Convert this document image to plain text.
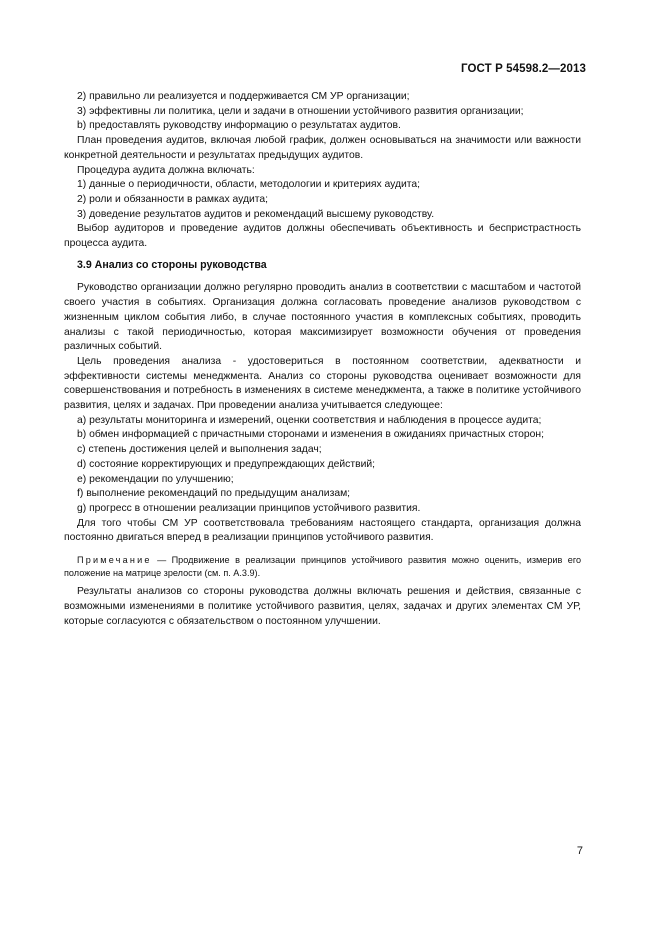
ГОСТ Р 54598.2—2013

2) правильно ли реализуется и поддерживается СМ УР организации;

3) эффективны ли политика, цели и задачи в отношении устойчивого развития организации;

b) предоставлять руководству информацию о результатах аудитов.

План проведения аудитов, включая любой график, должен основываться на значимости или важности конкретной деятельности и результатах предыдущих аудитов.

Процедура аудита должна включать:

1) данные о периодичности, области, методологии и критериях аудита;

2) роли и обязанности в рамках аудита;

3) доведение результатов аудитов и рекомендаций высшему руководству.

Выбор аудиторов и проведение аудитов должны обеспечивать объективность и беспристрастность процесса аудита.

3.9 Анализ со стороны руководства

Руководство организации должно регулярно проводить анализ в соответствии с масштабом и частотой своего участия в событиях. Организация должна согласовать проведение анализов руководством с жизненным циклом события либо, в случае постоянного участия в комплексных событиях, проводить анализы с такой периодичностью, которая максимизирует возможности обучения от проведения различных событий.

Цель проведения анализа - удостовериться в постоянном соответствии, адекватности и эффективности системы менеджмента. Анализ со стороны руководства оценивает возможности для совершенствования и потребность в изменениях в системе менеджмента, а также в политике устойчивого развития, целях и задачах. При проведении анализа учитывается следующее:

a) результаты мониторинга и измерений, оценки соответствия и наблюдения в процессе аудита;

b) обмен информацией с причастными сторонами и изменения в ожиданиях причастных сторон;

c) степень достижения целей и выполнения задач;

d) состояние корректирующих и предупреждающих действий;

e) рекомендации по улучшению;

f) выполнение рекомендаций по предыдущим анализам;

g) прогресс в отношении реализации принципов устойчивого развития.

Для того чтобы СМ УР соответствовала требованиям настоящего стандарта, организация должна постоянно двигаться вперед в реализации принципов устойчивого развития.

Примечание — Продвижение в реализации принципов устойчивого развития можно оценить, измерив его положение на матрице зрелости (см. п. А.3.9).

Результаты анализов со стороны руководства должны включать решения и действия, связанные с возможными изменениями в политике устойчивого развития, целях, задачах и других элементах СМ УР, которые согласуются с обязательством о постоянном улучшении.

7
